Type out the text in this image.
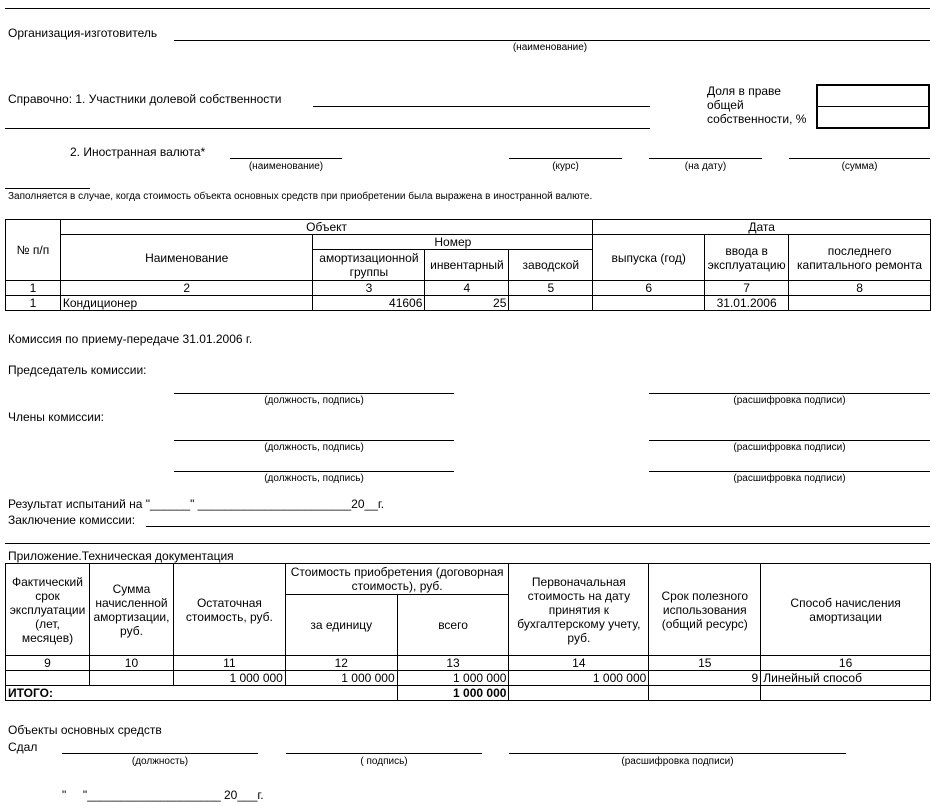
Организация-изготовитель
(наименование)
Справочно: 1. Участники долевой собственности
Доля в праве
общей
собственности, %	
2. Иностранная валюта*
(наименование)	(курс)	(на дату)	(сумма)
Заполняется в случае, когда стоимость объекта основных средств при приобретении была выражена в иностранной валюте.
№ п/п	Объект				Дата		
	Наименование	Номер			выпуска (год)	ввода в эксплуатацию	последнего капитального ремонта
		амортизационной группы	инвентарный	заводской			
1	2	3	4	5	6	7	8
1	Кондиционер	41606	25			31.01.2006	
Комиссия по приему-передаче 31.01.2006 г.
Председатель комиссии:
(должность, подпись)	(расшифровка подписи)
Члены комиссии:
(должность, подпись)	(расшифровка подписи)
(должность, подпись)	(расшифровка подписи)
Результат испытаний на "______" _______________________20__г.
Заключение комиссии:
Приложение.Техническая документация
Фактический срок эксплуатации (лет, месяцев)	Сумма начисленной амортизации, руб.	Остаточная стоимость, руб.	Стоимость приобретения (договорная стоимость), руб.		Первоначальная стоимость на дату принятия к бухгалтерскому учету, руб.	Срок полезного использования (общий ресурс)	Способ начисления амортизации
			за единицу	всего			
9	10	11	12	13	14	15	16
		1 000 000	1 000 000	1 000 000	1 000 000	9	Линейный способ
ИТОГО:				1 000 000			
Объекты основных средств
Сдал
(должность)	( подпись)	(расшифровка подписи)
"     "____________________ 20___г.
